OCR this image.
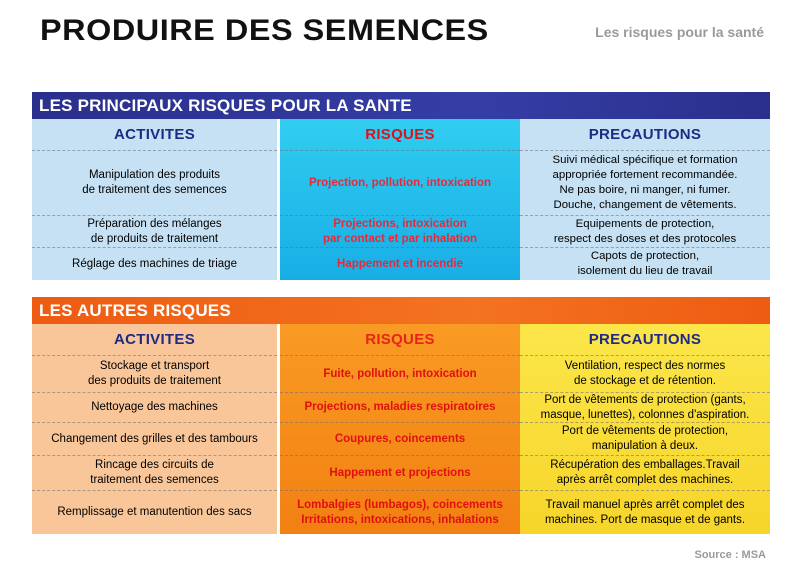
PRODUIRE DES SEMENCES	Les risques pour la santé
LES PRINCIPAUX RISQUES POUR LA SANTE
ACTIVITES
Manipulation des produits
de traitement des semences
Préparation des mélanges
de produits de traitement
Réglage des machines de triage
RISQUES
Projection, pollution, intoxication
Projections, intoxication
par contact et par inhalation
Happement et incendie
PRECAUTIONS
Suivi médical spécifique et formation
appropriée fortement recommandée.
Ne pas boire, ni manger, ni fumer.
Douche, changement de vêtements.
Equipements de protection,
respect des doses et des protocoles
Capots de protection,
isolement du lieu de travail
LES AUTRES RISQUES
ACTIVITES
Stockage et transport
des produits de traitement
Nettoyage des machines
Changement des grilles et des tambours
Rincage des circuits de
traitement des semences
Remplissage et manutention des sacs
RISQUES
Fuite, pollution, intoxication
Projections, maladies respiratoires
Coupures, coincements
Happement et projections
Lombalgies (lumbagos), coincements
Irritations, intoxications, inhalations
PRECAUTIONS
Ventilation, respect des normes
de stockage et de rétention.
Port de vêtements de protection (gants,
masque, lunettes), colonnes d'aspiration.
Port de vêtements de protection,
manipulation à deux.
Récupération des emballages.Travail
après arrêt complet des machines.
Travail manuel après arrêt complet des
machines. Port de masque et de gants.
Source : MSA
